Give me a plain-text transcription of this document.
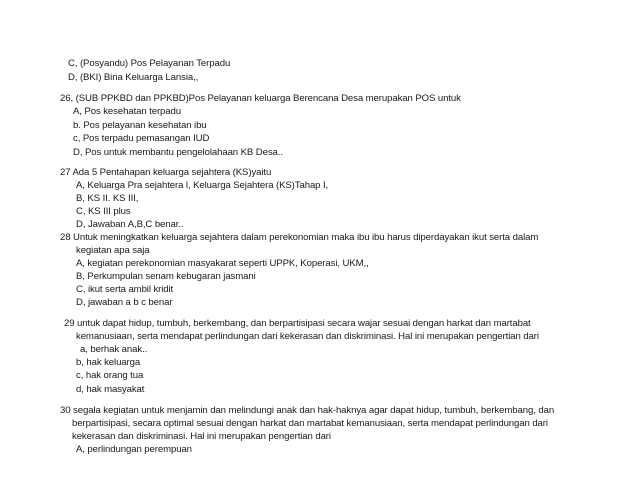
C, (Posyandu) Pos Pelayanan Terpadu
D, (BKI) Bina Keluarga Lansia,,
26, (SUB PPKBD dan PPKBD)Pos Pelayanan keluarga Berencana Desa merupakan POS untuk
A, Pos kesehatan terpadu
b. Pos pelayanan kesehatan ibu
c, Pos terpadu pemasangan IUD
D, Pos untuk membantu pengelolahaan KB Desa..
27 Ada 5 Pentahapan keluarga sejahtera (KS)yaitu
A, Keluarga Pra sejahtera l, Keluarga Sejahtera (KS)Tahap I,
B, KS II. KS III,
C, KS III plus
D, Jawaban A,B,C benar..
28 Untuk meningkatkan keluarga sejahtera dalam perekonomian maka ibu ibu harus diperdayakan ikut serta dalam
kegiatan apa saja
A, kegiatan perekonomian masyakarat seperti UPPK, Koperasi, UKM,,
B, Perkumpulan senam kebugaran jasmani
C, ikut serta ambil kridit
D, jawaban a b c benar
29 untuk dapat hidup, tumbuh, berkembang, dan berpartisipasi secara wajar sesuai dengan harkat dan martabat
kemanusiaan, serta mendapat perlindungan dari kekerasan dan diskriminasi. Hal ini merupakan pengertian dari
a, berhak anak..
b, hak keluarga
c, hak orang tua
d, hak masyakat
30 segala kegiatan untuk menjamin dan melindungi anak dan hak-haknya agar dapat hidup, tumbuh, berkembang, dan
berpartisipasi, secara optimal sesuai dengan harkat dan martabat kemanusiaan, serta mendapat perlindungan dari
kekerasan dan diskriminasi. Hal ini merupakan pengertian dari
A, perlindungan perempuan
